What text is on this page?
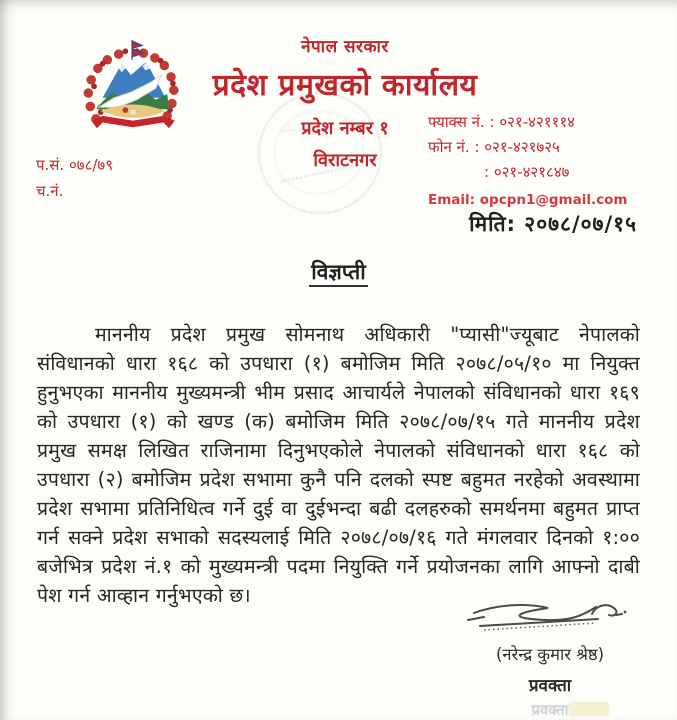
नेपाल सरकार
प्रदेश प्रमुखको कार्यालय
प्रदेश नम्बर १
विराटनगर
फ्याक्स नं. : ०२१-४२१११४
फोन नं. : ०२१-४२१७२५
: ०२१-४२१८४७
Email: opcpn1@gmail.com
प.सं. ०७८/७९
च.नं.
मिति: २०७८/०७/१५
विज्ञप्ती

माननीय प्रदेश प्रमुख सोमनाथ अधिकारी "प्यासी"ज्यूबाट नेपालको संविधानको धारा १६८ को उपधारा (१) बमोजिम मिति २०७८/०५/१० मा नियुक्त हुनुभएका माननीय मुख्यमन्त्री भीम प्रसाद आचार्यले नेपालको संविधानको धारा १६९ को उपधारा (१) को खण्ड (क) बमोजिम मिति २०७८/०७/१५ गते माननीय प्रदेश प्रमुख समक्ष लिखित राजिनामा दिनुभएकोले नेपालको संविधानको धारा १६८ को उपधारा (२) बमोजिम प्रदेश सभामा कुनै पनि दलको स्पष्ट बहुमत नरहेको अवस्थामा प्रदेश सभामा प्रतिनिधित्व गर्ने दुई वा दुईभन्दा बढी दलहरुको समर्थनमा बहुमत प्राप्त गर्न सक्ने प्रदेश सभाको सदस्यलाई मिति २०७८/०७/१६ गते मंगलवार दिनको १:०० बजेभित्र प्रदेश नं.१ को मुख्यमन्त्री पदमा नियुक्ति गर्ने प्रयोजनका लागि आफ्नो दाबी पेश गर्न आव्हान गर्नुभएको छ।

(नरेन्द्र कुमार श्रेष्ठ)
प्रवक्ता
प्रवक्ता
